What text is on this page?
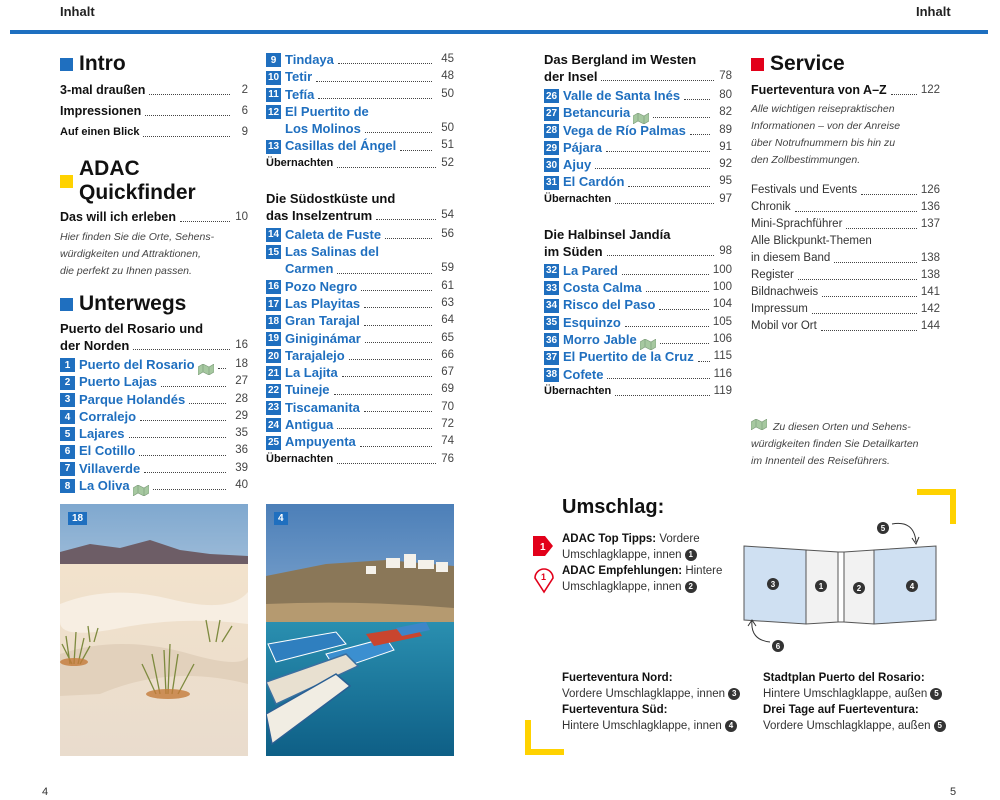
Inhalt	Inhalt
Intro
3-mal draußen	2
Impressionen	6
Auf einen Blick	9
ADAC Quickfinder
Das will ich erleben	10
Hier finden Sie die Orte, Sehens-
würdigkeiten und Attraktionen,
die perfekt zu Ihnen passen.
Unterwegs
Puerto del Rosario und
der Norden	16
1 Puerto del Rosario	18
2 Puerto Lajas	27
3 Parque Holandés	28
4 Corralejo	29
5 Lajares	35
6 El Cotillo	36
7 Villaverde	39
8 La Oliva	40
9 Tindaya	45
10 Tetir	48
11 Tefía	50
12 El Puertito de
Los Molinos	50
13 Casillas del Ángel	51
Übernachten	52
Die Südostküste und
das Inselzentrum	54
14 Caleta de Fuste	56
15 Las Salinas del
Carmen	59
16 Pozo Negro	61
17 Las Playitas	63
18 Gran Tarajal	64
19 Giniginámar	65
20 Tarajalejo	66
21 La Lajita	67
22 Tuineje	69
23 Tiscamanita	70
24 Antigua	72
25 Ampuyenta	74
Übernachten	76
Das Bergland im Westen
der Insel	78
26 Valle de Santa Inés	80
27 Betancuria	82
28 Vega de Río Palmas	89
29 Pájara	91
30 Ajuy	92
31 El Cardón	95
Übernachten	97
Die Halbinsel Jandía
im Süden	98
32 La Pared	100
33 Costa Calma	100
34 Risco del Paso	104
35 Esquinzo	105
36 Morro Jable	106
37 El Puertito de la Cruz 115
38 Cofete	116
Übernachten	119
Service
Fuerteventura von A–Z	122
Alle wichtigen reisepraktischen
Informationen – von der Anreise
über Notrufnummern bis hin zu
den Zollbestimmungen.
Festivals und Events	126
Chronik	136
Mini-Sprachführer	137
Alle Blickpunkt-Themen
in diesem Band	138
Register	138
Bildnachweis	141
Impressum	142
Mobil vor Ort	144
Zu diesen Orten und Sehens-
würdigkeiten finden Sie Detailkarten
im Innenteil des Reiseführers.
18	4
Umschlag:
1
1
ADAC Top Tipps: Vordere
Umschlagklappe, innen 1
ADAC Empfehlungen: Hintere
Umschlagklappe, innen 2	3	1	2	4
5
6
Fuerteventura Nord:
Vordere Umschlagklappe, innen 3
Fuerteventura Süd:
Hintere Umschlagklappe, innen 4
Stadtplan Puerto del Rosario:
Hintere Umschlagklappe, außen 5
Drei Tage auf Fuerteventura:
Vordere Umschlagklappe, außen 5
4	5
